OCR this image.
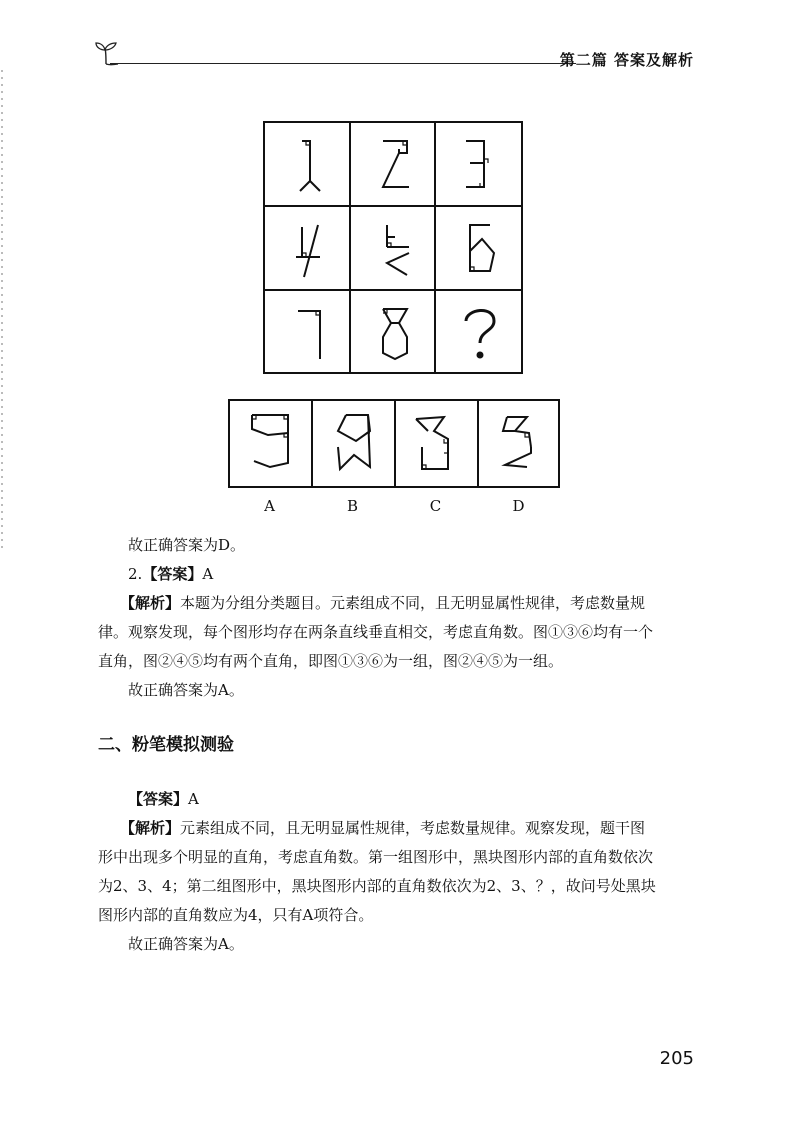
第二篇 答案及解析
A	B	C	D
故正确答案为D。
2.【答案】A
【解析】本题为分组分类题目。元素组成不同，且无明显属性规律，考虑数量规
律。观察发现，每个图形均存在两条直线垂直相交，考虑直角数。图①③⑥均有一个
直角，图②④⑤均有两个直角，即图①③⑥为一组，图②④⑤为一组。
故正确答案为A。
二、粉笔模拟测验
【答案】A
【解析】元素组成不同，且无明显属性规律，考虑数量规律。观察发现，题干图
形中出现多个明显的直角，考虑直角数。第一组图形中，黑块图形内部的直角数依次
为2、3、4；第二组图形中，黑块图形内部的直角数依次为2、3、？，故问号处黑块
图形内部的直角数应为4，只有A项符合。
故正确答案为A。
205
